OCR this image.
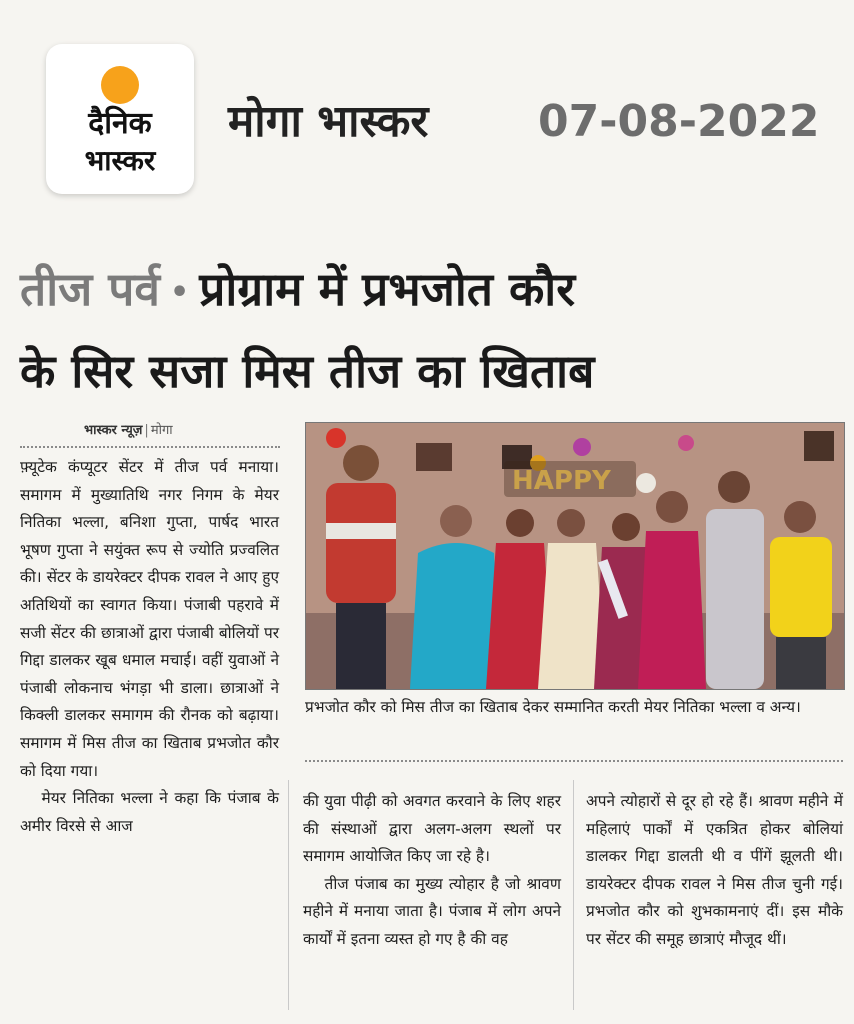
दैनिक
भास्कर
मोगा भास्कर 07-08-2022
तीज पर्व • प्रोग्राम में प्रभजोत कौर
के सिर सजा मिस तीज का खिताब
भास्कर न्यूज़ | मोगा

फ़्यूटेक कंप्यूटर सेंटर में तीज पर्व मनाया। समागम में मुख्यातिथि नगर निगम के मेयर नितिका भल्ला, बनिशा गुप्ता, पार्षद भारत भूषण गुप्ता ने सयुंक्त रूप से ज्योति प्रज्वलित की। सेंटर के डायरेक्टर दीपक रावल ने आए हुए अतिथियों का स्वागत किया। पंजाबी पहरावे में सजी सेंटर की छात्राओं द्वारा पंजाबी बोलियों पर गिद्दा डालकर खूब धमाल मचाई। वहीं युवाओं ने पंजाबी लोकनाच भंगड़ा भी डाला। छात्राओं ने किक्ली डालकर समागम की रौनक को बढ़ाया। समागम में मिस तीज का खिताब प्रभजोत कौर को दिया गया।

मेयर नितिका भल्ला ने कहा कि पंजाब के अमीर विरसे से आज

HAPPY
प्रभजोत कौर को मिस तीज का खिताब देकर सम्मानित करती मेयर नितिका भल्ला व अन्य।

की युवा पीढ़ी को अवगत करवाने के लिए शहर की संस्थाओं द्वारा अलग-अलग स्थलों पर समागम आयोजित किए जा रहे है।

तीज पंजाब का मुख्य त्योहार है जो श्रावण महीने में मनाया जाता है। पंजाब में लोग अपने कार्यों में इतना व्यस्त हो गए है की वह

अपने त्योहारों से दूर हो रहे हैं। श्रावण महीने में महिलाएं पार्कों में एकत्रित होकर बोलियां डालकर गिद्दा डालती थी व पींगें झूलती थी। डायरेक्टर दीपक रावल ने मिस तीज चुनी गई। प्रभजोत कौर को शुभकामनाएं दीं। इस मौके पर सेंटर की समूह छात्राएं मौजूद थीं।
